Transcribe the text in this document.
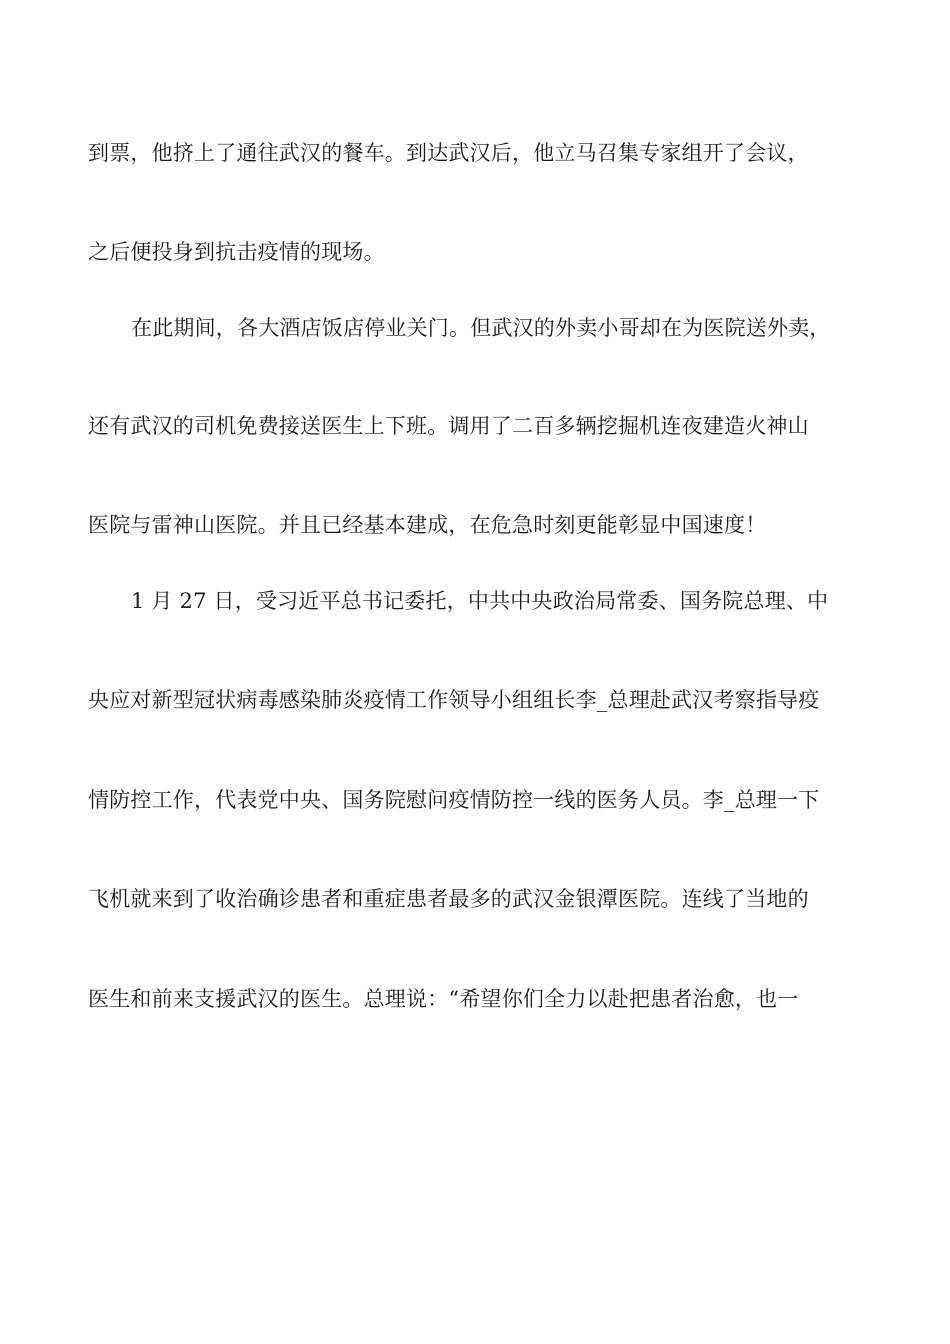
到票，他挤上了通往武汉的餐车。到达武汉后，他立马召集专家组开了会议，
之后便投身到抗击疫情的现场。
在此期间，各大酒店饭店停业关门。但武汉的外卖小哥却在为医院送外卖，
还有武汉的司机免费接送医生上下班。调用了二百多辆挖掘机连夜建造火神山
医院与雷神山医院。并且已经基本建成，在危急时刻更能彰显中国速度！
1 月 27 日，受习近平总书记委托，中共中央政治局常委、国务院总理、中
央应对新型冠状病毒感染肺炎疫情工作领导小组组长李_总理赴武汉考察指导疫
情防控工作，代表党中央、国务院慰问疫情防控一线的医务人员。李_总理一下
飞机就来到了收治确诊患者和重症患者最多的武汉金银潭医院。连线了当地的
医生和前来支援武汉的医生。总理说：“希望你们全力以赴把患者治愈，也一
